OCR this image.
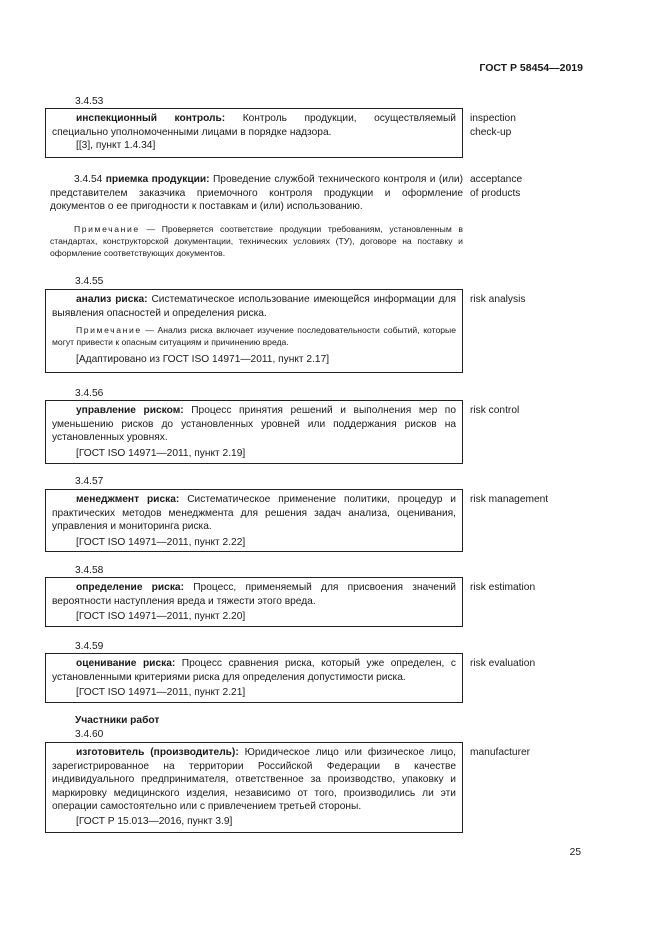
ГОСТ Р 58454—2019
3.4.53

инспекционный контроль: Контроль продукции, осуществляемый специально уполномоченными лицами в порядке надзора.

[[3], пункт 1.4.34]

inspection
check-up

3.4.54 приемка продукции: Проведение службой технического контроля и (или) представителем заказчика приемочного контроля продукции и оформление документов о ее пригодности к поставкам и (или) использованию.

Примечание — Проверяется соответствие продукции требованиям, установленным в стандартах, конструкторской документации, технических условиях (ТУ), договоре на поставку и оформление соответствующих документов.

acceptance
of products
3.4.55

анализ риска: Систематическое использование имеющейся информации для выявления опасностей и определения риска.

Примечание — Анализ риска включает изучение последовательности событий, которые могут привести к опасным ситуациям и причинению вреда.

[Адаптировано из ГОСТ ISO 14971—2011, пункт 2.17]

risk analysis
3.4.56

управление риском: Процесс принятия решений и выполнения мер по уменьшению рисков до установленных уровней или поддержания рисков на установленных уровнях.

[ГОСТ ISO 14971—2011, пункт 2.19]

risk control
3.4.57

менеджмент риска: Систематическое применение политики, процедур и практических методов менеджмента для решения задач анализа, оценивания, управления и мониторинга риска.

[ГОСТ ISO 14971—2011, пункт 2.22]

risk management
3.4.58

определение риска: Процесс, применяемый для присвоения значений вероятности наступления вреда и тяжести этого вреда.

[ГОСТ ISO 14971—2011, пункт 2.20]

risk estimation
3.4.59

оценивание риска: Процесс сравнения риска, который уже определен, с установленными критериями риска для определения допустимости риска.

[ГОСТ ISO 14971—2011, пункт 2.21]

risk evaluation
Участники работ
3.4.60

изготовитель (производитель): Юридическое лицо или физическое лицо, зарегистрированное на территории Российской Федерации в качестве индивидуального предпринимателя, ответственное за производство, упаковку и маркировку медицинского изделия, независимо от того, производились ли эти операции самостоятельно или с привлечением третьей стороны.

[ГОСТ Р 15.013—2016, пункт 3.9]

manufacturer
25
